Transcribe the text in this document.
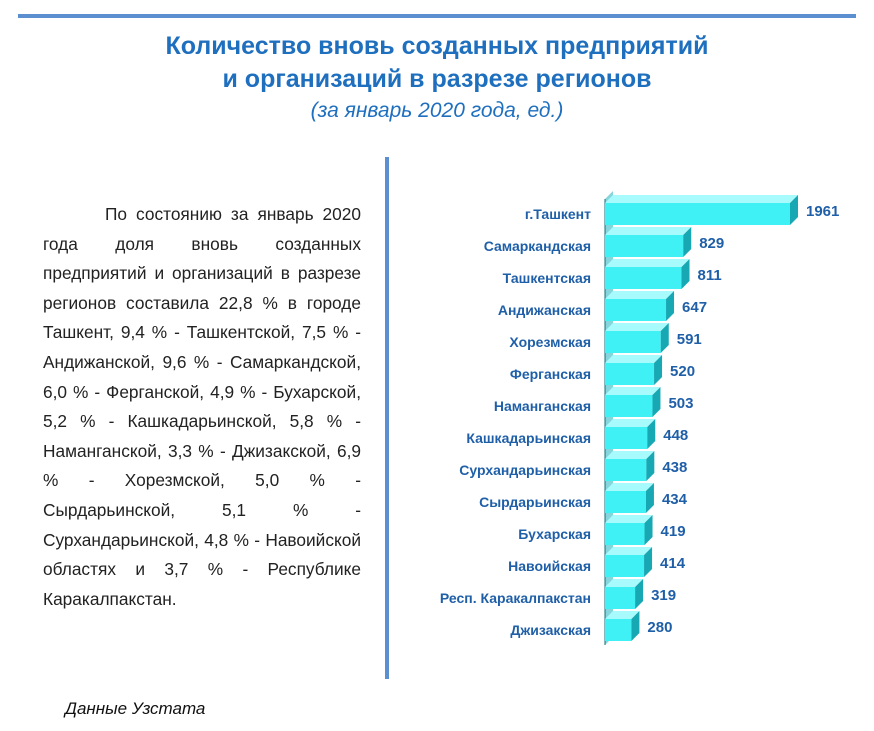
Количество вновь созданных предприятий
и организаций в разрезе регионов
(за январь 2020 года, ед.)
По состоянию за январь 2020 года доля вновь созданных предприятий и организаций в разрезе регионов составила 22,8 % в городе Ташкент, 9,4 % - Ташкентской, 7,5 % - Андижанской, 9,6 % - Самаркандской, 6,0 % - Ферганской, 4,9 % - Бухарской, 5,2 % - Кашкадарьинской, 5,8 % - Наманганской, 3,3 % - Джизакской, 6,9 % - Хорезмской, 5,0 % - Сырдарьинской, 5,1 % - Сурхандарьинской, 4,8 % - Навоийской областях и 3,7 % - Республике Каракалпакстан.
г.Ташкент
Самаркандская
Ташкентская
Андижанская
Хорезмская
Ферганская
Наманганская
Кашкадарьинская
Сурхандарьинская
Сырдарьинская
Бухарская
Навоийская
Респ. Каракалпакстан
Джизакская
1961
829
811
647
591
520
503
448
438
434
419
414
319
280
Данные Узстата
